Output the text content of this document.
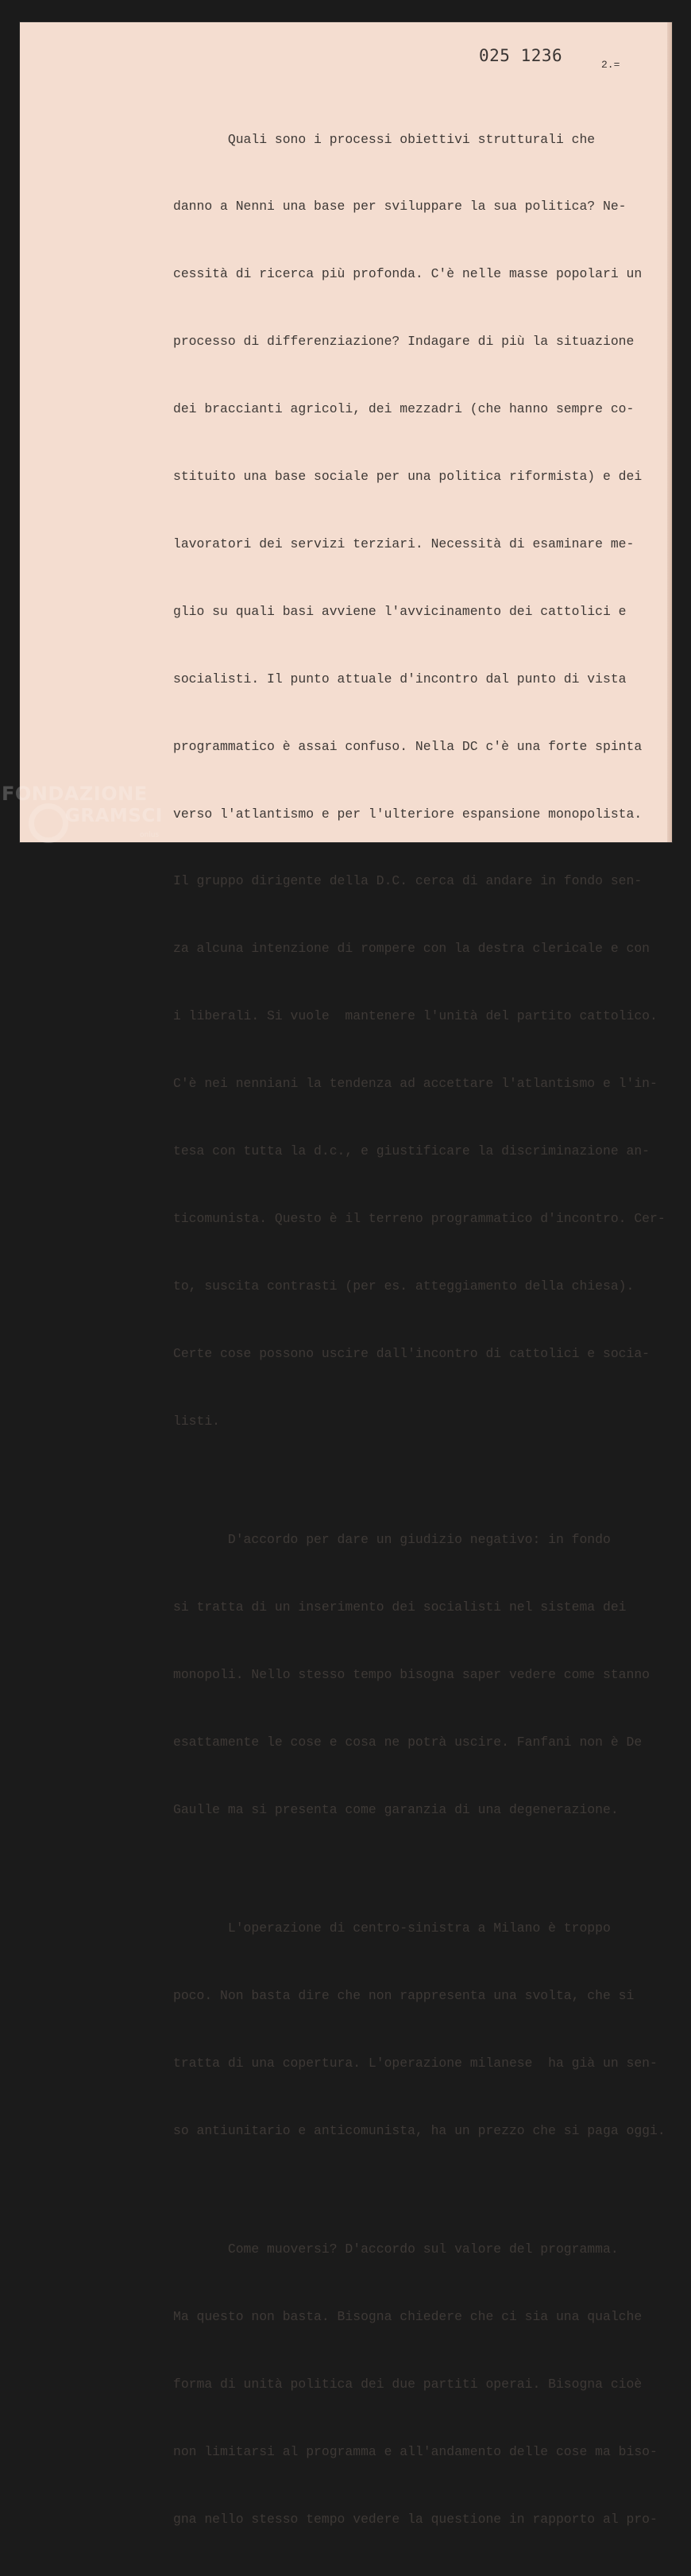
025 1236	2.=

Quali sono i processi obiettivi strutturali che

danno a Nenni una base per sviluppare la sua politica? Ne-

cessità di ricerca più profonda. C'è nelle masse popolari un

processo di differenziazione? Indagare di più la situazione

dei braccianti agricoli, dei mezzadri (che hanno sempre co-

stituito una base sociale per una politica riformista) e dei

lavoratori dei servizi terziari. Necessità di esaminare me-

glio su quali basi avviene l'avvicinamento dei cattolici e

socialisti. Il punto attuale d'incontro dal punto di vista

programmatico è assai confuso. Nella DC c'è una forte spinta

verso l'atlantismo e per l'ulteriore espansione monopolista.

Il gruppo dirigente della D.C. cerca di andare in fondo sen-

za alcuna intenzione di rompere con la destra clericale e con

i liberali. Si vuole  mantenere l'unità del partito cattolico.

C'è nei nenniani la tendenza ad accettare l'atlantismo e l'in-

tesa con tutta la d.c., e giustificare la discriminazione an-

ticomunista. Questo è il terreno programmatico d'incontro. Cer-

to, suscita contrasti (per es. atteggiamento della chiesa).

Certe cose possono uscire dall'incontro di cattolici e socia-

listi.

D'accordo per dare un giudizio negativo: in fondo

si tratta di un inserimento dei socialisti nel sistema dei

monopoli. Nello stesso tempo bisogna saper vedere come stanno

esattamente le cose e cosa ne potrà uscire. Fanfani non è De

Gaulle ma si presenta come garanzia di una degenerazione.

L'operazione di centro-sinistra a Milano è troppo

poco. Non basta dire che non rappresenta una svolta, che si

tratta di una copertura. L'operazione milanese  ha già un sen-

so antiunitario e anticomunista, ha un prezzo che si paga oggi.

Come muoversi? D'accordo sul valore del programma.

Ma questo non basta. Bisogna chiedere che ci sia una qualche

forma di unità politica dei due partiti operai. Bisogna cioè

non limitarsi al programma e all'andamento delle cose ma biso-

gna nello stesso tempo vedere la questione in rapporto al pro-

FONDAZIONE
GRAMSCI
onlus
